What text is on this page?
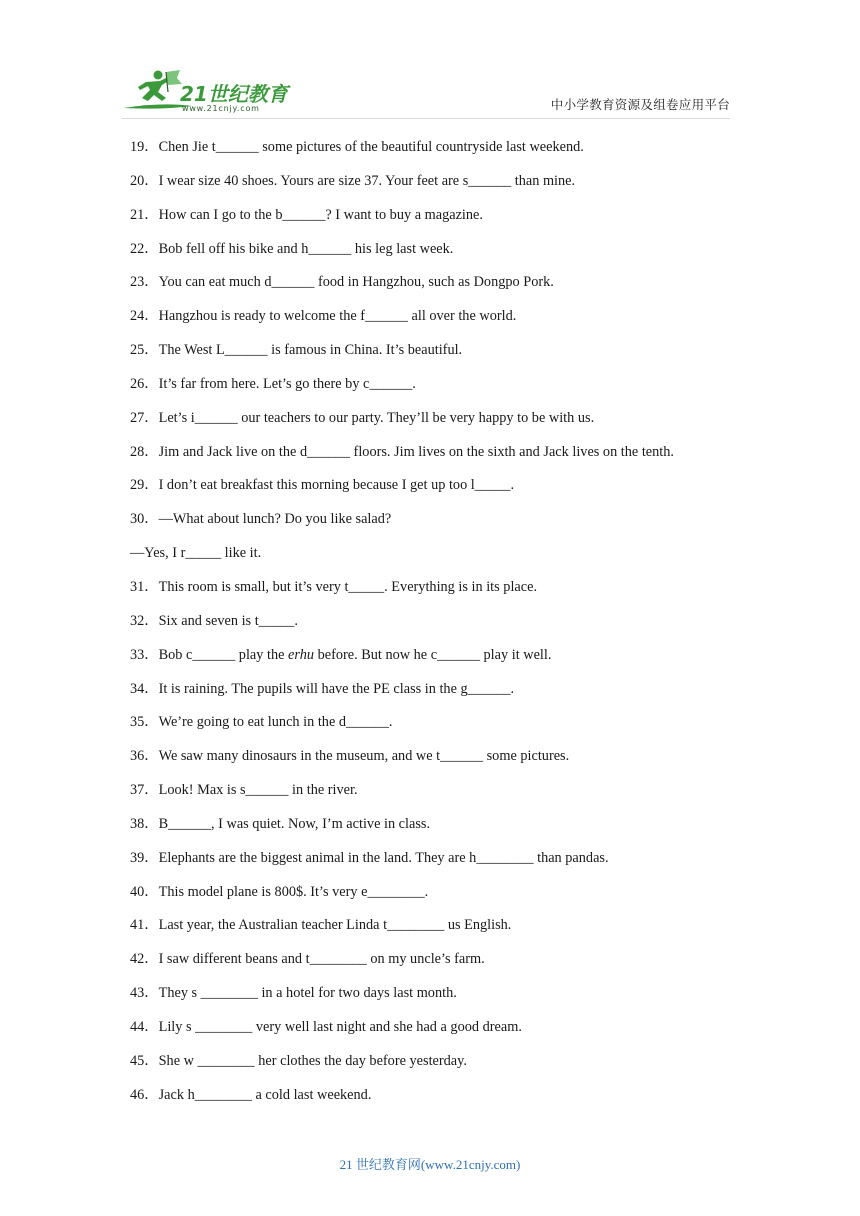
21世纪教育
www.21cnjy.com	中小学教育资源及组卷应用平台
19．Chen Jie t______ some pictures of the beautiful countryside last weekend.
20．I wear size 40 shoes. Yours are size 37. Your feet are s______ than mine.
21．How can I go to the b______? I want to buy a magazine.
22．Bob fell off his bike and h______ his leg last week.
23．You can eat much d______ food in Hangzhou, such as Dongpo Pork.
24．Hangzhou is ready to welcome the f______ all over the world.
25．The West L______ is famous in China. It’s beautiful.
26．It’s far from here. Let’s go there by c______.
27．Let’s i______ our teachers to our party. They’ll be very happy to be with us.
28．Jim and Jack live on the d______ floors. Jim lives on the sixth and Jack lives on the tenth.
29．I don’t eat breakfast this morning because I get up too l_____.
30．—What about lunch? Do you like salad?
—Yes, I r_____ like it.
31．This room is small, but it’s very t_____. Everything is in its place.
32．Six and seven is t_____.
33．Bob c______ play the erhu before. But now he c______ play it well.
34．It is raining. The pupils will have the PE class in the g______.
35．We’re going to eat lunch in the d______.
36．We saw many dinosaurs in the museum, and we t______ some pictures.
37．Look! Max is s______ in the river.
38．B______, I was quiet. Now, I’m active in class.
39．Elephants are the biggest animal in the land. They are h________ than pandas.
40．This model plane is 800$. It’s very e________.
41．Last year, the Australian teacher Linda t________ us English.
42．I saw different beans and t________ on my uncle’s farm.
43．They s ________ in a hotel for two days last month.
44．Lily s ________ very well last night and she had a good dream.
45．She w ________ her clothes the day before yesterday.
46．Jack h________ a cold last weekend.
21 世纪教育网(www.21cnjy.com)
